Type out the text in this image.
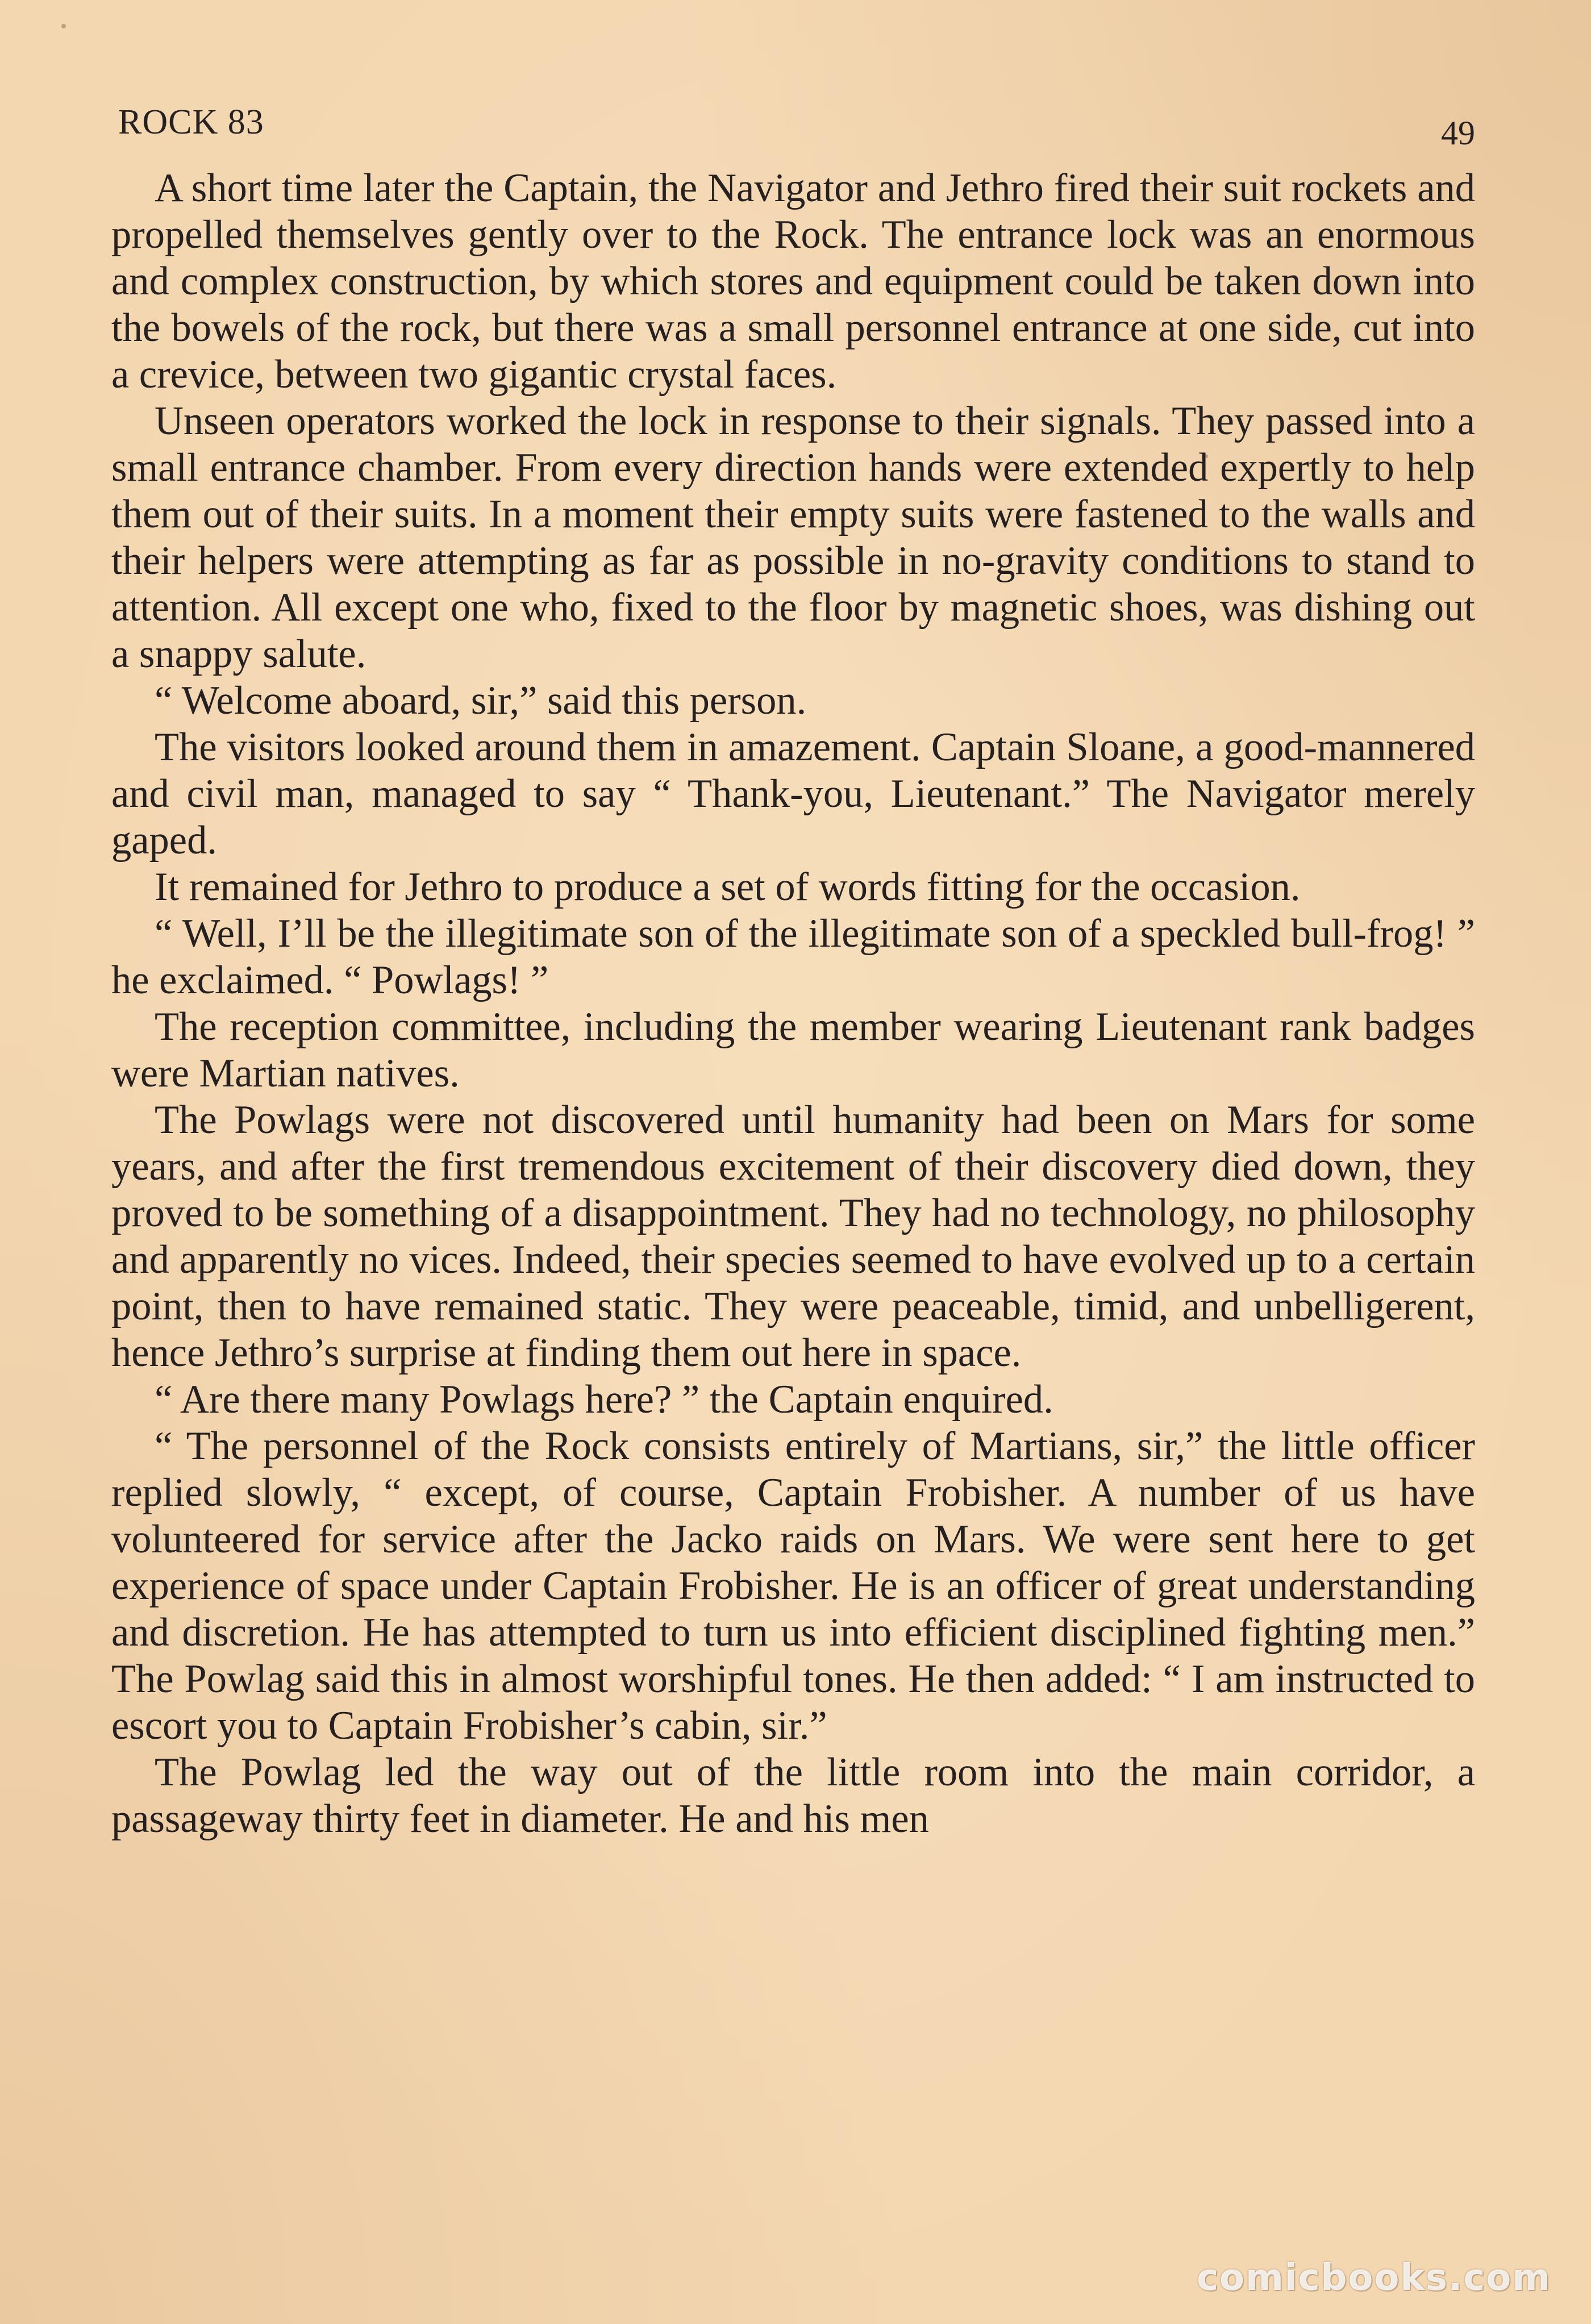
ROCK 83	49

A short time later the Captain, the Navigator and Jethro fired their suit rockets and propelled themselves gently over to the Rock. The entrance lock was an enormous and complex construction, by which stores and equipment could be taken down into the bowels of the rock, but there was a small personnel entrance at one side, cut into a crevice, between two gigantic crystal faces.

Unseen operators worked the lock in response to their signals. They passed into a small entrance chamber. From every direction hands were extended expertly to help them out of their suits. In a moment their empty suits were fastened to the walls and their helpers were attempting as far as possible in no-gravity conditions to stand to attention. All except one who, fixed to the floor by magnetic shoes, was dishing out a snappy salute.

“ Welcome aboard, sir,” said this person.

The visitors looked around them in amazement. Captain Sloane, a good-mannered and civil man, managed to say “ Thank-you, Lieutenant.” The Navigator merely gaped.

It remained for Jethro to produce a set of words fitting for the occasion.

“ Well, I’ll be the illegitimate son of the illegitimate son of a speckled bull-frog! ” he exclaimed. “ Powlags! ”

The reception committee, including the member wearing Lieutenant rank badges were Martian natives.

The Powlags were not discovered until humanity had been on Mars for some years, and after the first tremendous excitement of their discovery died down, they proved to be something of a disappointment. They had no technology, no philosophy and apparently no vices. Indeed, their species seemed to have evolved up to a certain point, then to have remained static. They were peaceable, timid, and unbelligerent, hence Jethro’s surprise at finding them out here in space.

“ Are there many Powlags here? ” the Captain enquired.

“ The personnel of the Rock consists entirely of Martians, sir,” the little officer replied slowly, “ except, of course, Captain Frobisher. A number of us have volunteered for service after the Jacko raids on Mars. We were sent here to get experience of space under Captain Frobisher. He is an officer of great understanding and discretion. He has attempted to turn us into efficient disciplined fighting men.” The Powlag said this in almost worshipful tones. He then added: “ I am instructed to escort you to Captain Frobisher’s cabin, sir.”

The Powlag led the way out of the little room into the main corridor, a passageway thirty feet in diameter. He and his men

comicbooks.com
